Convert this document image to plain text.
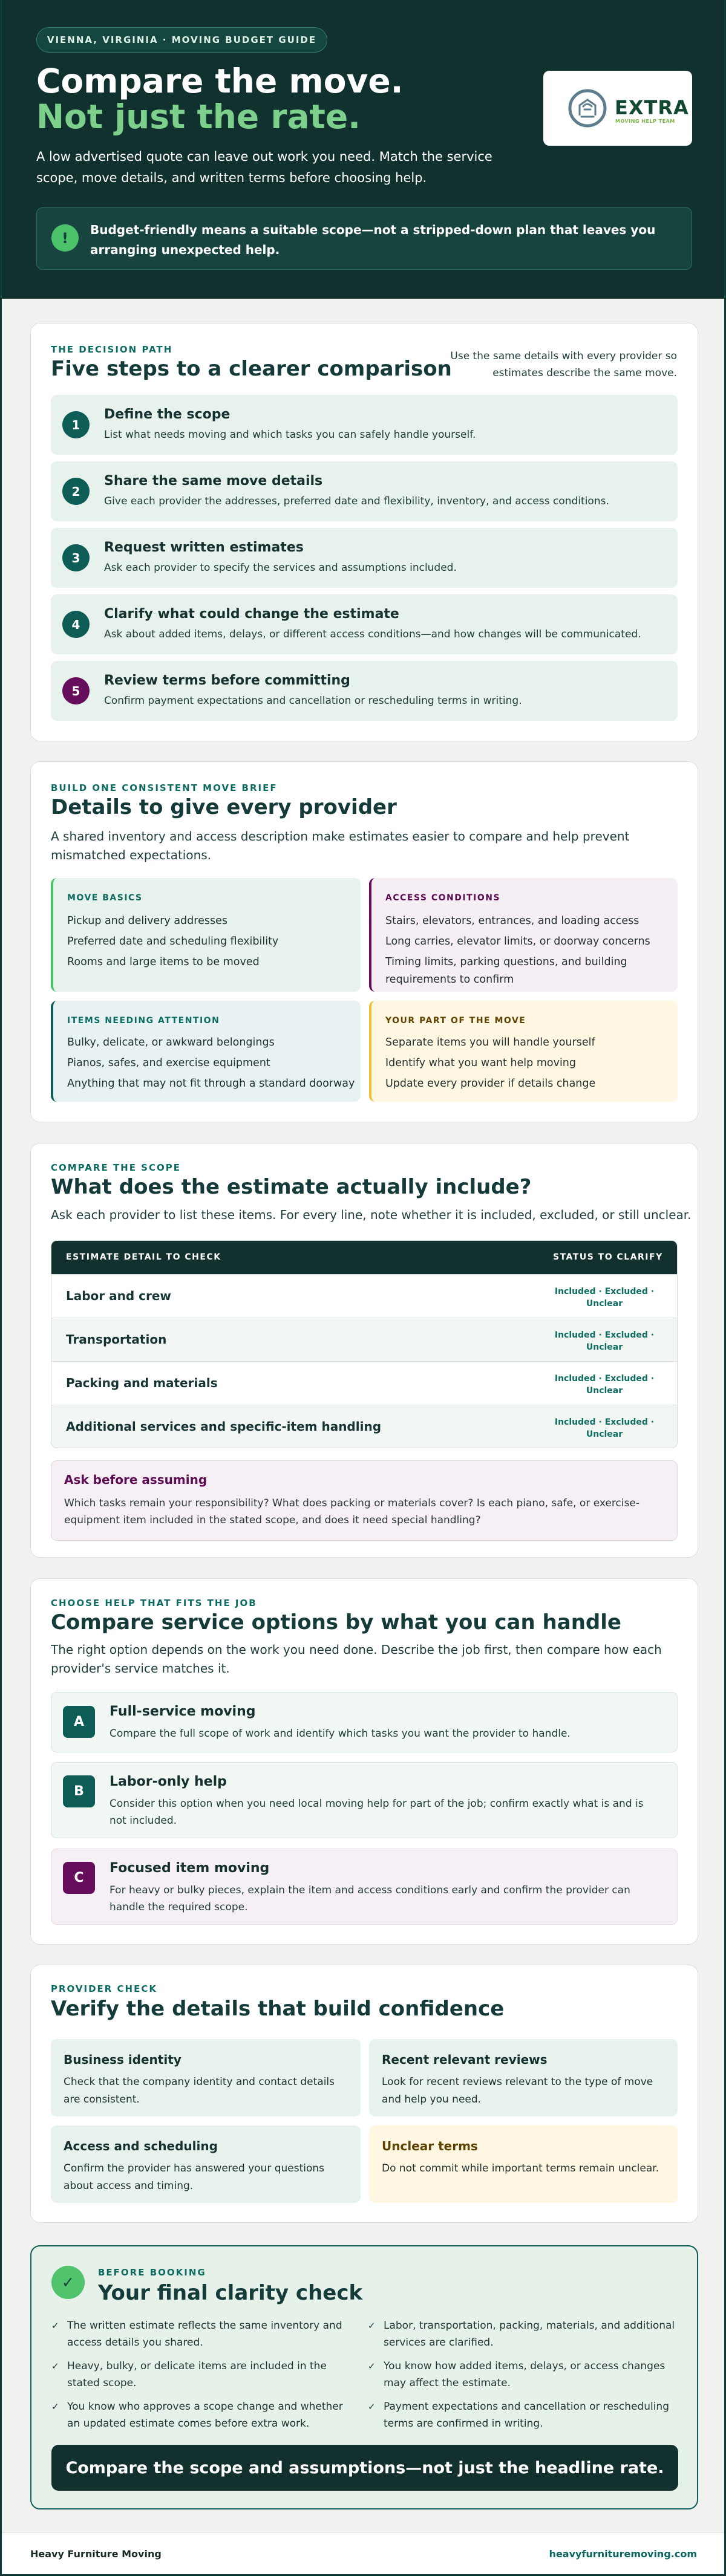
VIENNA, VIRGINIA · MOVING BUDGET GUIDE
Compare the move.
Not just the rate.
A low advertised quote can leave out work you need. Match the service scope, move details, and written terms before choosing help.
EXTRA
MOVING HELP TEAM
!	Budget-friendly means a suitable scope—not a stripped-down plan that leaves you arranging unexpected help.
THE DECISION PATH
Five steps to a clearer comparison
Use the same details with every provider so estimates describe the same move.
1
Define the scope
List what needs moving and which tasks you can safely handle yourself.
2
Share the same move details
Give each provider the addresses, preferred date and flexibility, inventory, and access conditions.
3
Request written estimates
Ask each provider to specify the services and assumptions included.
4
Clarify what could change the estimate
Ask about added items, delays, or different access conditions—and how changes will be communicated.
5
Review terms before committing
Confirm payment expectations and cancellation or rescheduling terms in writing.
BUILD ONE CONSISTENT MOVE BRIEF
Details to give every provider
A shared inventory and access description make estimates easier to compare and help prevent mismatched expectations.
MOVE BASICS
Pickup and delivery addresses
Preferred date and scheduling flexibility
Rooms and large items to be moved
ACCESS CONDITIONS
Stairs, elevators, entrances, and loading access
Long carries, elevator limits, or doorway concerns
Timing limits, parking questions, and building requirements to confirm
ITEMS NEEDING ATTENTION
Bulky, delicate, or awkward belongings
Pianos, safes, and exercise equipment
Anything that may not fit through a standard doorway
YOUR PART OF THE MOVE
Separate items you will handle yourself
Identify what you want help moving
Update every provider if details change
COMPARE THE SCOPE
What does the estimate actually include?
Ask each provider to list these items. For every line, note whether it is included, excluded, or still unclear.
ESTIMATE DETAIL TO CHECK	STATUS TO CLARIFY
Labor and crew	Included · Excluded ·
Unclear
Transportation	Included · Excluded ·
Unclear
Packing and materials	Included · Excluded ·
Unclear
Additional services and specific-item handling	Included · Excluded ·
Unclear
Ask before assuming
Which tasks remain your responsibility? What does packing or materials cover? Is each piano, safe, or exercise-equipment item included in the stated scope, and does it need special handling?
CHOOSE HELP THAT FITS THE JOB
Compare service options by what you can handle
The right option depends on the work you need done. Describe the job first, then compare how each provider's service matches it.
A
Full-service moving
Compare the full scope of work and identify which tasks you want the provider to handle.
B
Labor-only help
Consider this option when you need local moving help for part of the job; confirm exactly what is and is not included.
C
Focused item moving
For heavy or bulky pieces, explain the item and access conditions early and confirm the provider can handle the required scope.
PROVIDER CHECK
Verify the details that build confidence
Business identity
Check that the company identity and contact details are consistent.
Recent relevant reviews
Look for recent reviews relevant to the type of move and help you need.
Access and scheduling
Confirm the provider has answered your questions about access and timing.
Unclear terms
Do not commit while important terms remain unclear.
✓
BEFORE BOOKING
Your final clarity check
✓ The written estimate reflects the same inventory and access details you shared.
✓ Labor, transportation, packing, materials, and additional services are clarified.
✓ Heavy, bulky, or delicate items are included in the stated scope.
✓ You know how added items, delays, or access changes may affect the estimate.
✓ You know who approves a scope change and whether an updated estimate comes before extra work.
✓ Payment expectations and cancellation or rescheduling terms are confirmed in writing.
Compare the scope and assumptions—not just the headline rate.
Heavy Furniture Moving	heavyfurnituremoving.com
